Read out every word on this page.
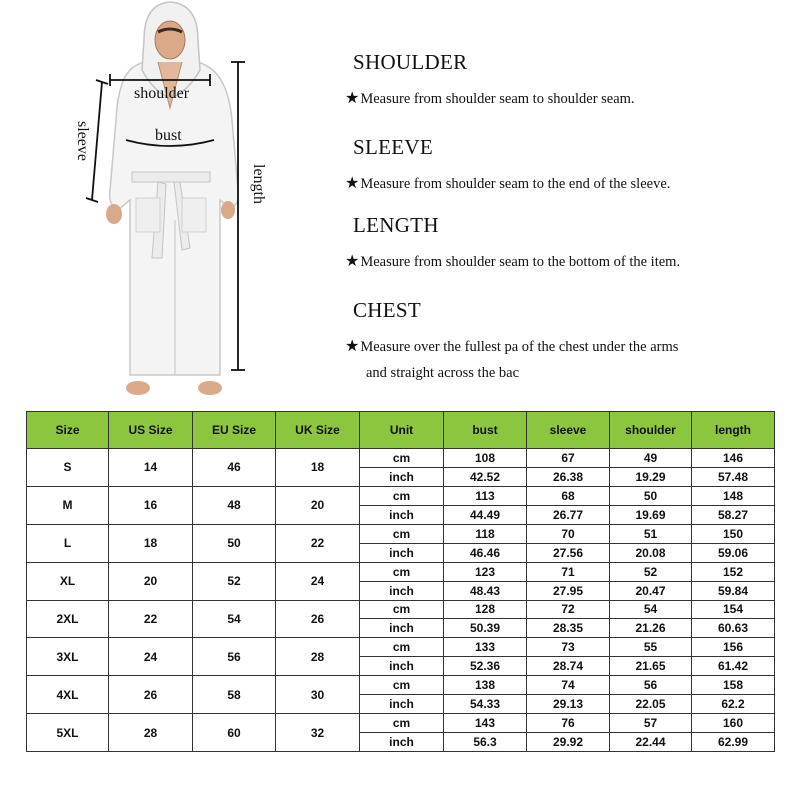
shoulder
bust
sleeve
length
SHOULDER
★Measure from shoulder seam to shoulder seam.
SLEEVE
★Measure from shoulder seam to the end of the sleeve.
LENGTH
★Measure from shoulder seam to the bottom of the item.
CHEST
★Measure over the fullest pa of the chest under the arms
and straight across the bac
Size	US Size	EU Size	UK Size	Unit	bust	sleeve	shoulder	length
S	14	46	18	cm	108	67	49	146
				inch	42.52	26.38	19.29	57.48
M	16	48	20	cm	113	68	50	148
				inch	44.49	26.77	19.69	58.27
L	18	50	22	cm	118	70	51	150
				inch	46.46	27.56	20.08	59.06
XL	20	52	24	cm	123	71	52	152
				inch	48.43	27.95	20.47	59.84
2XL	22	54	26	cm	128	72	54	154
				inch	50.39	28.35	21.26	60.63
3XL	24	56	28	cm	133	73	55	156
				inch	52.36	28.74	21.65	61.42
4XL	26	58	30	cm	138	74	56	158
				inch	54.33	29.13	22.05	62.2
5XL	28	60	32	cm	143	76	57	160
				inch	56.3	29.92	22.44	62.99
